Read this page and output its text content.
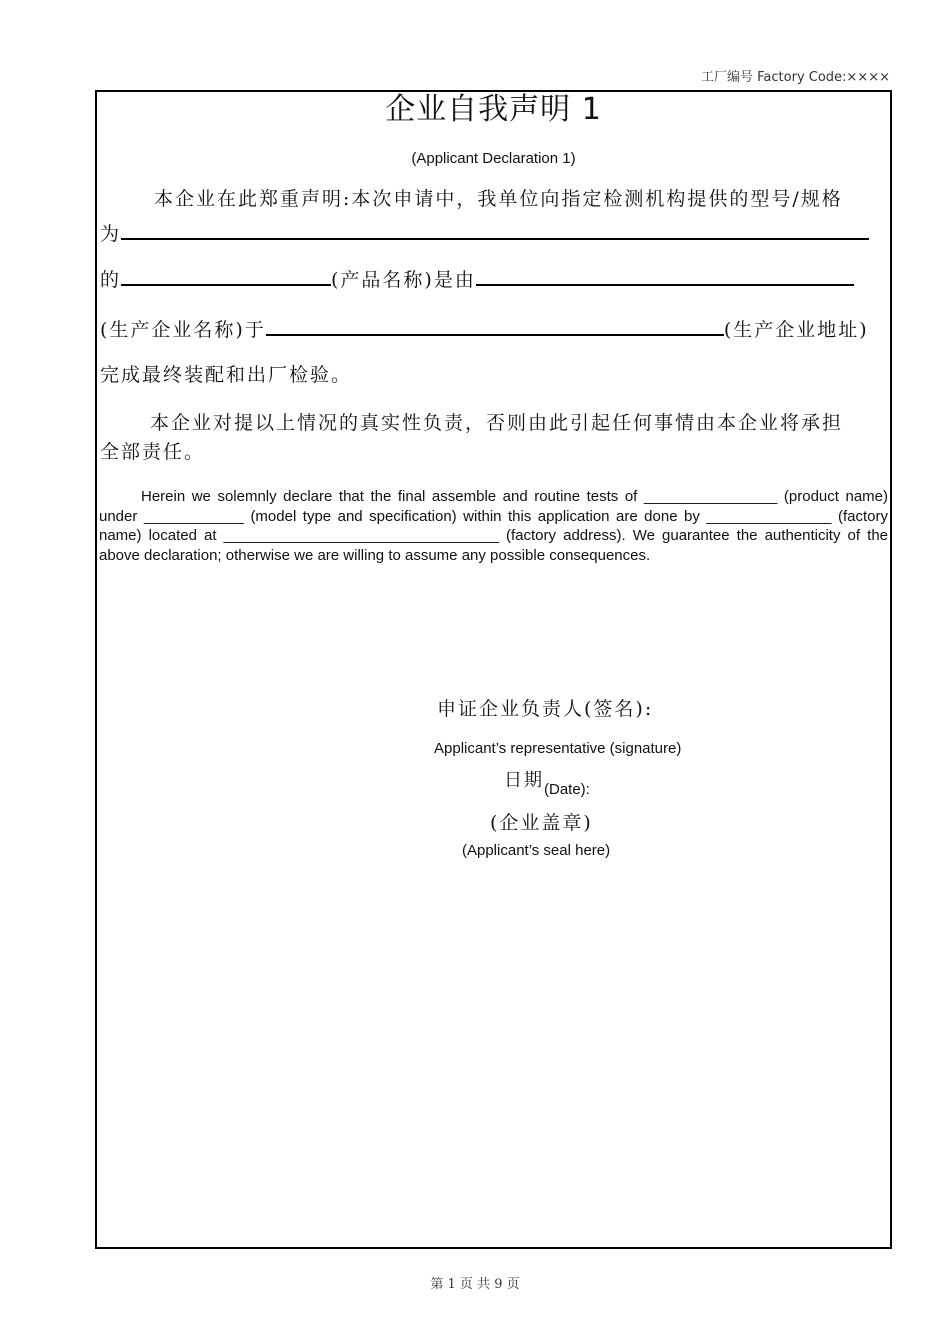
工厂编号 Factory Code:××××
企业自我声明 1
(Applicant Declaration 1)
本企业在此郑重声明:本次申请中，我单位向指定检测机构提供的型号/规格
为
的	(产品名称)是由
(生产企业名称)于	(生产企业地址)
完成最终装配和出厂检验。
本企业对提以上情况的真实性负责，否则由此引起任何事情由本企业将承担
全部责任。
Herein we solemnly declare that the final assemble and routine tests of ________________ (product name) under ____________ (model type and specification) within this application are done by _______________ (factory name) located at _________________________________ (factory address). We guarantee the authenticity of the above declaration; otherwise we are willing to assume any possible consequences.
申证企业负责人(签名):
Applicant’s representative (signature)
日期(Date):
(企业盖章)
(Applicant’s seal here)
第 1 页 共 9 页
